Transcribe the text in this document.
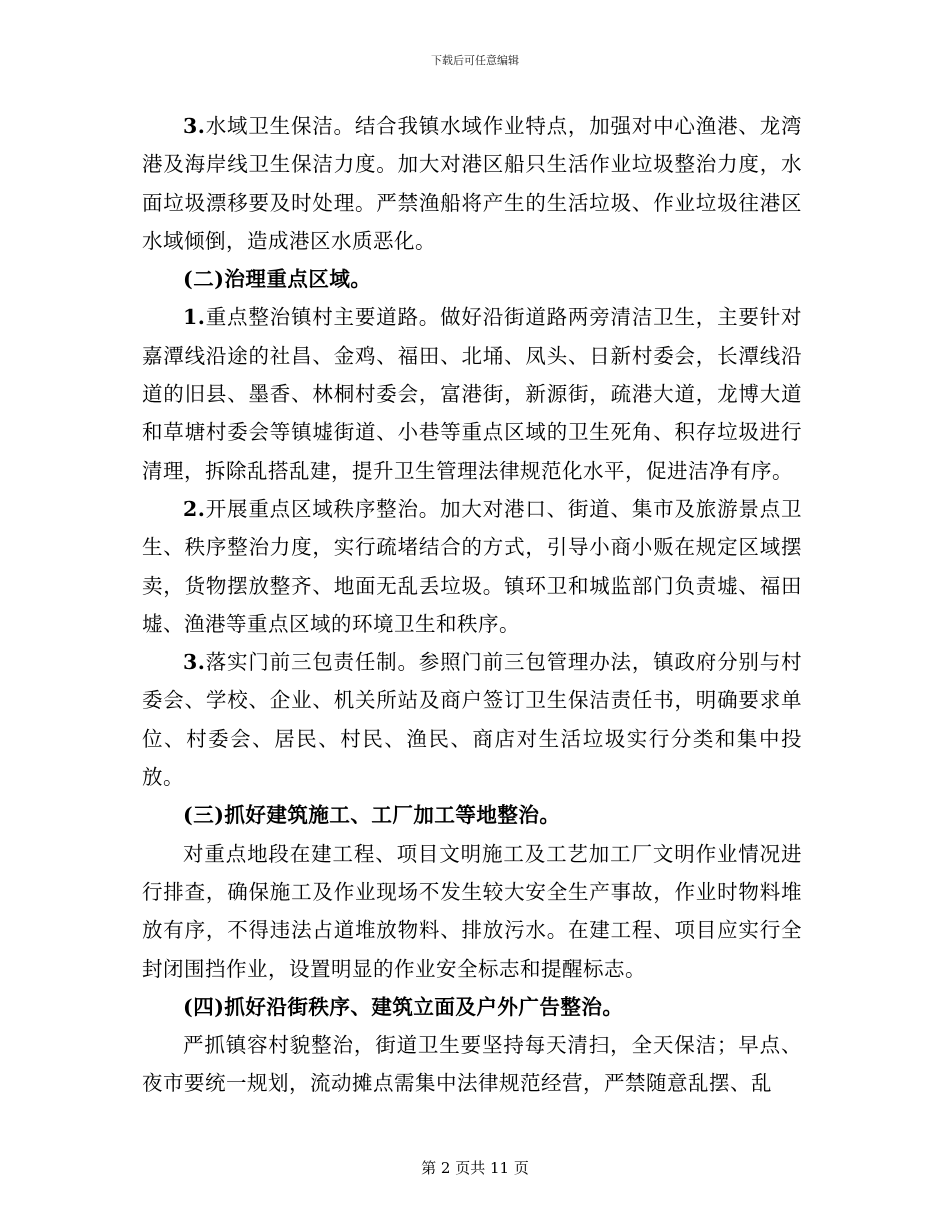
下载后可任意编辑

3.水域卫生保洁。结合我镇水域作业特点，加强对中心渔港、龙湾港及海岸线卫生保洁力度。加大对港区船只生活作业垃圾整治力度，水面垃圾漂移要及时处理。严禁渔船将产生的生活垃圾、作业垃圾往港区水域倾倒，造成港区水质恶化。

(二)治理重点区域。

1.重点整治镇村主要道路。做好沿街道路两旁清洁卫生，主要针对嘉潭线沿途的社昌、金鸡、福田、北埇、凤头、日新村委会，长潭线沿道的旧县、墨香、林桐村委会，富港街，新源街，疏港大道，龙博大道和草塘村委会等镇墟街道、小巷等重点区域的卫生死角、积存垃圾进行清理，拆除乱搭乱建，提升卫生管理法律规范化水平，促进洁净有序。

2.开展重点区域秩序整治。加大对港口、街道、集市及旅游景点卫生、秩序整治力度，实行疏堵结合的方式，引导小商小贩在规定区域摆卖，货物摆放整齐、地面无乱丢垃圾。镇环卫和城监部门负责墟、福田墟、渔港等重点区域的环境卫生和秩序。

3.落实门前三包责任制。参照门前三包管理办法，镇政府分别与村委会、学校、企业、机关所站及商户签订卫生保洁责任书，明确要求单位、村委会、居民、村民、渔民、商店对生活垃圾实行分类和集中投放。

(三)抓好建筑施工、工厂加工等地整治。

对重点地段在建工程、项目文明施工及工艺加工厂文明作业情况进行排查，确保施工及作业现场不发生较大安全生产事故，作业时物料堆放有序，不得违法占道堆放物料、排放污水。在建工程、项目应实行全封闭围挡作业，设置明显的作业安全标志和提醒标志。

(四)抓好沿街秩序、建筑立面及户外广告整治。

严抓镇容村貌整治，街道卫生要坚持每天清扫，全天保洁；早点、夜市要统一规划，流动摊点需集中法律规范经营，严禁随意乱摆、乱

第 2 页共 11 页
